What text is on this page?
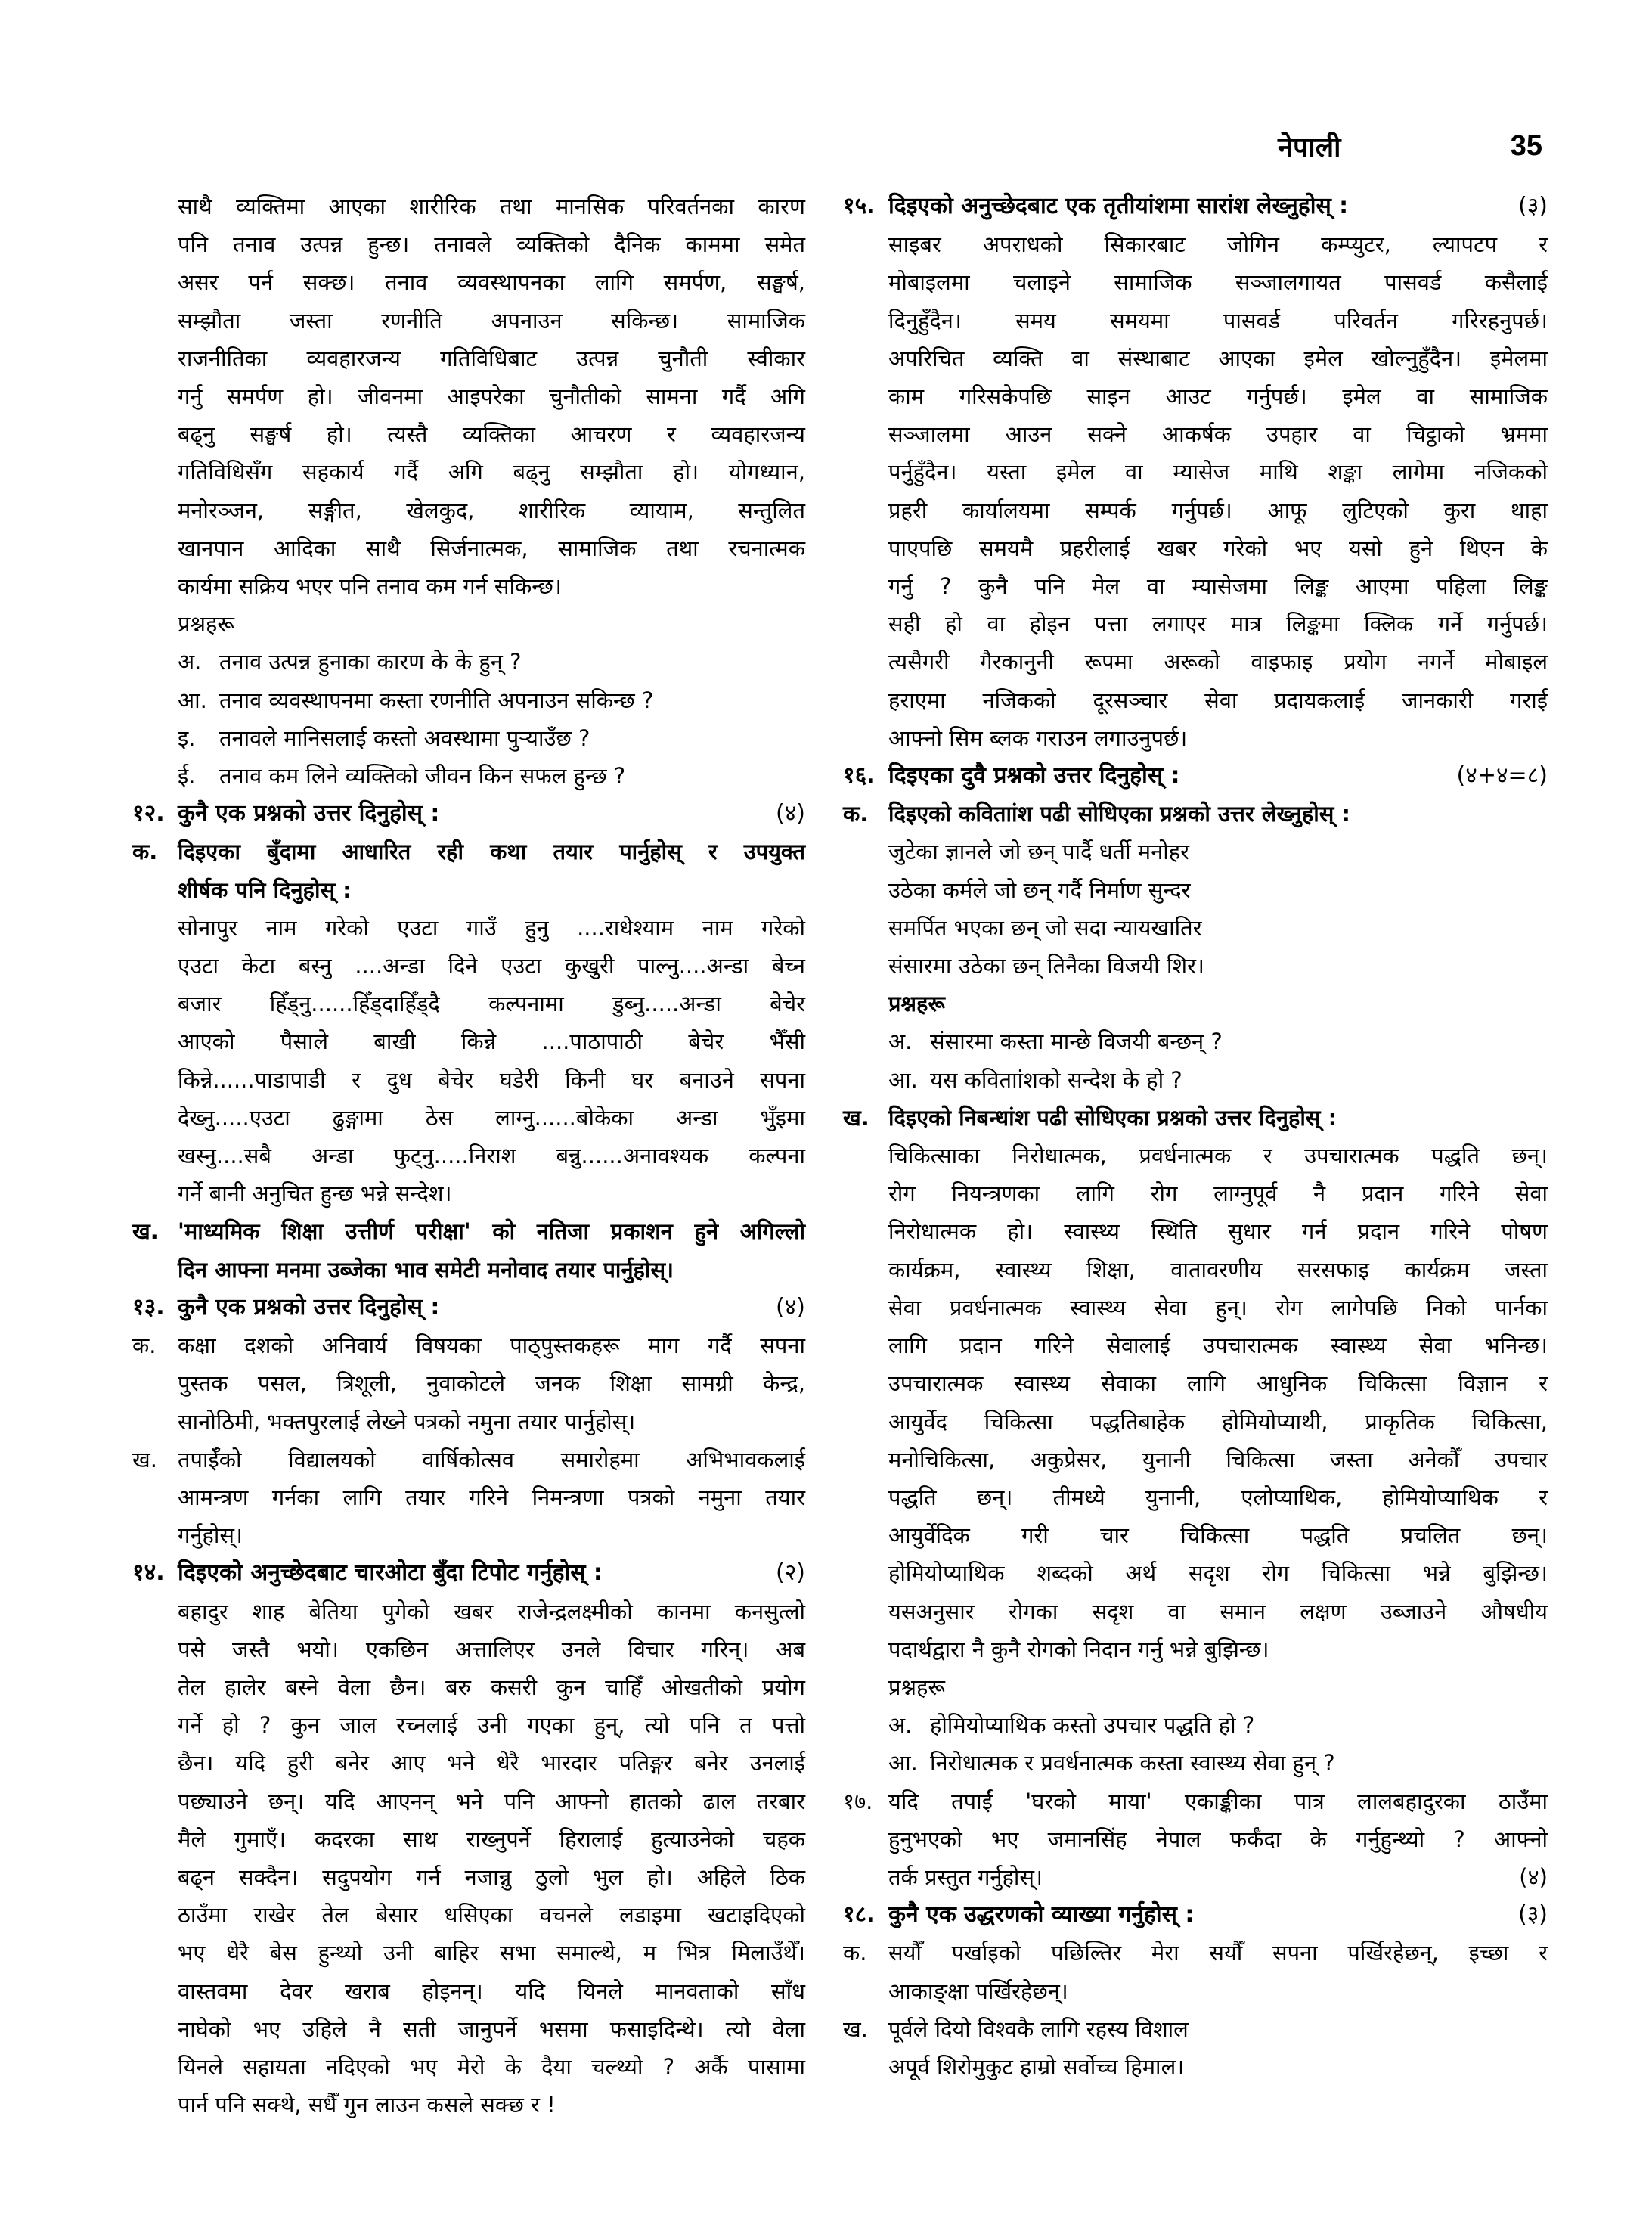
नेपाली	35

साथै व्यक्तिमा आएका शारीरिक तथा मानसिक परिवर्तनका कारण

पनि तनाव उत्पन्न हुन्छ। तनावले व्यक्तिको दैनिक काममा समेत

असर पर्न सक्छ। तनाव व्यवस्थापनका लागि समर्पण, सङ्घर्ष,

सम्झौता जस्ता रणनीति अपनाउन सकिन्छ। सामाजिक

राजनीतिका व्यवहारजन्य गतिविधिबाट उत्पन्न चुनौती स्वीकार

गर्नु समर्पण हो। जीवनमा आइपरेका चुनौतीको सामना गर्दै अगि

बढ्नु सङ्घर्ष हो। त्यस्तै व्यक्तिका आचरण र व्यवहारजन्य

गतिविधिसँग सहकार्य गर्दै अगि बढ्नु सम्झौता हो। योगध्यान,

मनोरञ्जन, सङ्गीत, खेलकुद, शारीरिक व्यायाम, सन्तुलित

खानपान आदिका साथै सिर्जनात्मक, सामाजिक तथा रचनात्मक

कार्यमा सक्रिय भएर पनि तनाव कम गर्न सकिन्छ।

प्रश्नहरू

अ. तनाव उत्पन्न हुनाका कारण के के हुन् ?
आ. तनाव व्यवस्थापनमा कस्ता रणनीति अपनाउन सकिन्छ ?
इ.	तनावले मानिसलाई कस्तो अवस्थामा पुऱ्याउँछ ?
ई.	तनाव कम लिने व्यक्तिको जीवन किन सफल हुन्छ ?
१२. कुनै एक प्रश्नको उत्तर दिनुहोस् :	(४)
क. दिइएका बुँदामा आधारित रही कथा तयार पार्नुहोस् र उपयुक्त

शीर्षक पनि दिनुहोस् :

सोनापुर नाम गरेको एउटा गाउँ हुनु ....राधेश्याम नाम गरेको

एउटा केटा बस्नु ....अन्डा दिने एउटा कुखुरी पाल्नु....अन्डा बेच्न

बजार हिँड्नु......हिँड्दाहिँड्दै कल्पनामा डुब्नु.....अन्डा बेचेर

आएको पैसाले बाखी किन्ने ....पाठापाठी बेचेर भैँसी

किन्ने......पाडापाडी र दुध बेचेर घडेरी किनी घर बनाउने सपना

देख्नु.....एउटा ढुङ्गामा ठेस लाग्नु......बोकेका अन्डा भुँइमा

खस्नु....सबै अन्डा फुट्नु.....निराश बन्नु......अनावश्यक कल्पना

गर्ने बानी अनुचित हुन्छ भन्ने सन्देश।

ख. 'माध्यमिक शिक्षा उत्तीर्ण परीक्षा' को नतिजा प्रकाशन हुने अगिल्लो

दिन आफ्ना मनमा उब्जेका भाव समेटी मनोवाद तयार पार्नुहोस्।

१३. कुनै एक प्रश्नको उत्तर दिनुहोस् :	(४)
क. कक्षा दशको अनिवार्य विषयका पाठ्पुस्तकहरू माग गर्दै सपना

पुस्तक पसल, त्रिशूली, नुवाकोटले जनक शिक्षा सामग्री केन्द्र,

सानोठिमी, भक्तपुरलाई लेख्ने पत्रको नमुना तयार पार्नुहोस्।

ख. तपाईँको विद्यालयको वार्षिकोत्सव समारोहमा अभिभावकलाई

आमन्त्रण गर्नका लागि तयार गरिने निमन्त्रणा पत्रको नमुना तयार

गर्नुहोस्।

१४. दिइएको अनुच्छेदबाट चारओटा बुँदा टिपोट गर्नुहोस् :	(२)

बहादुर शाह बेतिया पुगेको खबर राजेन्द्रलक्ष्मीको कानमा कनसुत्लो

पसे जस्तै भयो। एकछिन अत्तालिएर उनले विचार गरिन्। अब

तेल हालेर बस्ने वेला छैन। बरु कसरी कुन चाहिँ ओखतीको प्रयोग

गर्ने हो ? कुन जाल रच्नलाई उनी गएका हुन्, त्यो पनि त पत्तो

छैन। यदि हुरी बनेर आए भने धेरै भारदार पतिङ्गर बनेर उनलाई

पछ्याउने छन्। यदि आएनन् भने पनि आफ्नो हातको ढाल तरबार

मैले गुमाएँ। कदरका साथ राख्नुपर्ने हिरालाई हुत्याउनेको चहक

बढ्न सक्दैन। सदुपयोग गर्न नजान्नु ठुलो भुल हो। अहिले ठिक

ठाउँमा राखेर तेल बेसार धसिएका वचनले लडाइमा खटाइदिएको

भए धेरै बेस हुन्थ्यो उनी बाहिर सभा समाल्थे, म भित्र मिलाउँथेँ।

वास्तवमा देवर खराब होइनन्। यदि यिनले मानवताको साँध

नाघेको भए उहिले नै सती जानुपर्ने भसमा फसाइदिन्थे। त्यो वेला

यिनले सहायता नदिएको भए मेरो के दैया चल्थ्यो ? अर्कै पासामा

पार्न पनि सक्थे, सधैँ गुन लाउन कसले सक्छ र !

१५. दिइएको अनुच्छेदबाट एक तृतीयांशमा सारांश लेख्नुहोस् :	(३)

साइबर अपराधको सिकारबाट जोगिन कम्प्युटर, ल्यापटप र

मोबाइलमा चलाइने सामाजिक सञ्जालगायत पासवर्ड कसैलाई

दिनुहुँदैन। समय समयमा पासवर्ड परिवर्तन गरिरहनुपर्छ।

अपरिचित व्यक्ति वा संस्थाबाट आएका इमेल खोल्नुहुँदैन। इमेलमा

काम गरिसकेपछि साइन आउट गर्नुपर्छ। इमेल वा सामाजिक

सञ्जालमा आउन सक्ने आकर्षक उपहार वा चिट्ठाको भ्रममा

पर्नुहुँदैन। यस्ता इमेल वा म्यासेज माथि शङ्का लागेमा नजिकको

प्रहरी कार्यालयमा सम्पर्क गर्नुपर्छ। आफू लुटिएको कुरा थाहा

पाएपछि समयमै प्रहरीलाई खबर गरेको भए यसो हुने थिएन के

गर्नु ? कुनै पनि मेल वा म्यासेजमा लिङ्क आएमा पहिला लिङ्क

सही हो वा होइन पत्ता लगाएर मात्र लिङ्कमा क्लिक गर्ने गर्नुपर्छ।

त्यसैगरी गैरकानुनी रूपमा अरूको वाइफाइ प्रयोग नगर्ने मोबाइल

हराएमा नजिकको दूरसञ्चार सेवा प्रदायकलाई जानकारी गराई

आफ्नो सिम ब्लक गराउन लगाउनुपर्छ।

१६. दिइएका दुवै प्रश्नको उत्तर दिनुहोस् :	(४+४=८)
क. दिइएको कविताांश पढी सोधिएका प्रश्नको उत्तर लेख्नुहोस् :

जुटेका ज्ञानले जो छन् पार्दै धर्ती मनोहर

उठेका कर्मले जो छन् गर्दै निर्माण सुन्दर

समर्पित भएका छन् जो सदा न्यायखातिर

संसारमा उठेका छन् तिनैका विजयी शिर।

प्रश्नहरू

अ. संसारमा कस्ता मान्छे विजयी बन्छन् ?
आ. यस कविताांशको सन्देश के हो ?
ख. दिइएको निबन्धांश पढी सोधिएका प्रश्नको उत्तर दिनुहोस् :

चिकित्साका निरोधात्मक, प्रवर्धनात्मक र उपचारात्मक पद्धति छन्।

रोग नियन्त्रणका लागि रोग लाग्नुपूर्व नै प्रदान गरिने सेवा

निरोधात्मक हो। स्वास्थ्य स्थिति सुधार गर्न प्रदान गरिने पोषण

कार्यक्रम, स्वास्थ्य शिक्षा, वातावरणीय सरसफाइ कार्यक्रम जस्ता

सेवा प्रवर्धनात्मक स्वास्थ्य सेवा हुन्। रोग लागेपछि निको पार्नका

लागि प्रदान गरिने सेवालाई उपचारात्मक स्वास्थ्य सेवा भनिन्छ।

उपचारात्मक स्वास्थ्य सेवाका लागि आधुनिक चिकित्सा विज्ञान र

आयुर्वेद चिकित्सा पद्धतिबाहेक होमियोप्याथी, प्राकृतिक चिकित्सा,

मनोचिकित्सा, अकुप्रेसर, युनानी चिकित्सा जस्ता अनेकौँ उपचार

पद्धति छन्। तीमध्ये युनानी, एलोप्याथिक, होमियोप्याथिक र

आयुर्वेदिक गरी चार चिकित्सा पद्धति प्रचलित छन्।

होमियोप्याथिक शब्दको अर्थ सदृश रोग चिकित्सा भन्ने बुझिन्छ।

यसअनुसार रोगका सदृश वा समान लक्षण उब्जाउने औषधीय

पदार्थद्वारा नै कुनै रोगको निदान गर्नु भन्ने बुझिन्छ।

प्रश्नहरू

अ. होमियोप्याथिक कस्तो उपचार पद्धति हो ?
आ. निरोधात्मक र प्रवर्धनात्मक कस्ता स्वास्थ्य सेवा हुन् ?
१७. यदि तपाईं 'घरको माया' एकाङ्कीका पात्र लालबहादुरका ठाउँमा

हुनुभएको भए जमानसिंह नेपाल फर्कँदा के गर्नुहुन्थ्यो ? आफ्नो

तर्क प्रस्तुत गर्नुहोस्।	(४)

१८. कुनै एक उद्धरणको व्याख्या गर्नुहोस् :	(३)
क. सयौँ पर्खाइको पछिल्तिर मेरा सयौँ सपना पर्खिरहेछन्, इच्छा र

आकाङ्क्षा पर्खिरहेछन्।

ख. पूर्वले दियो विश्वकै लागि रहस्य विशाल

अपूर्व शिरोमुकुट हाम्रो सर्वोच्च हिमाल।
